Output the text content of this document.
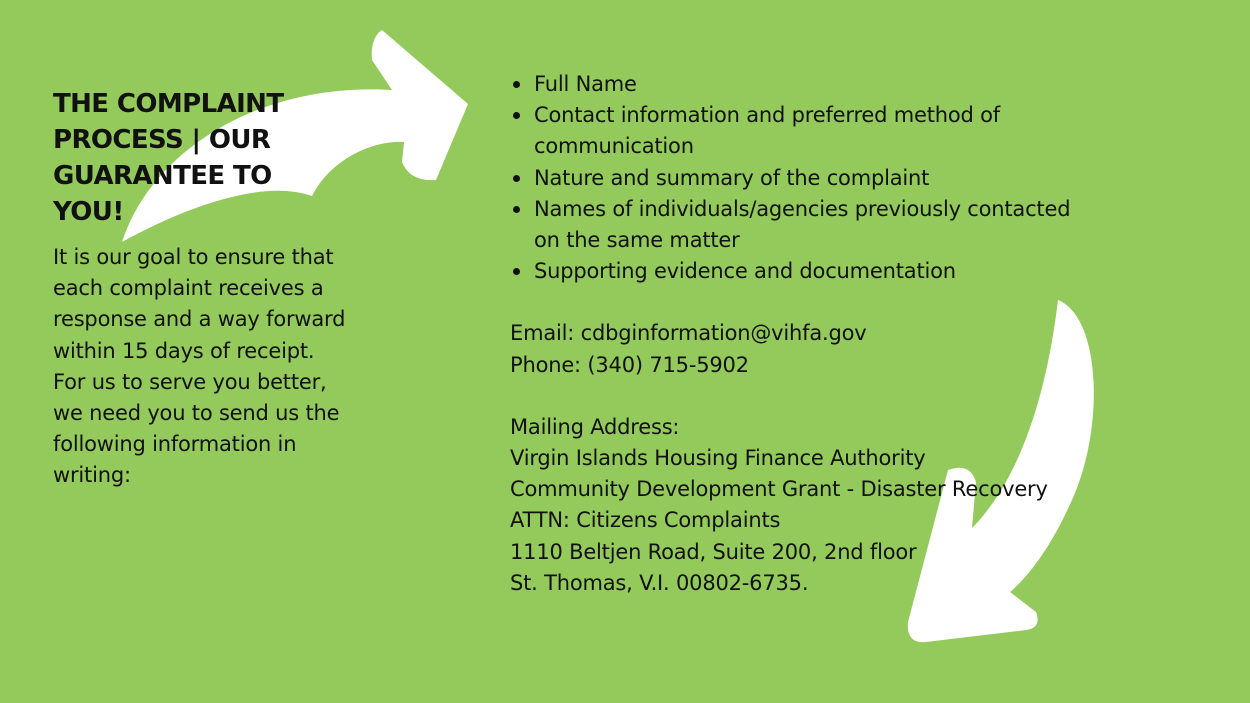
THE COMPLAINT PROCESS | OUR GUARANTEE TO YOU!

It is our goal to ensure that each complaint receives a response and a way forward within 15 days of receipt. For us to serve you better, we need you to send us the following information in writing:

Full Name
Contact information and preferred method of communication
Nature and summary of the complaint
Names of individuals/agencies previously contacted on the same matter
Supporting evidence and documentation
Email: cdbginformation@vihfa.gov
Phone: (340) 715-5902
Mailing Address:
Virgin Islands Housing Finance Authority
Community Development Grant - Disaster Recovery
ATTN: Citizens Complaints
1110 Beltjen Road, Suite 200, 2nd floor
St. Thomas, V.I. 00802-6735.
